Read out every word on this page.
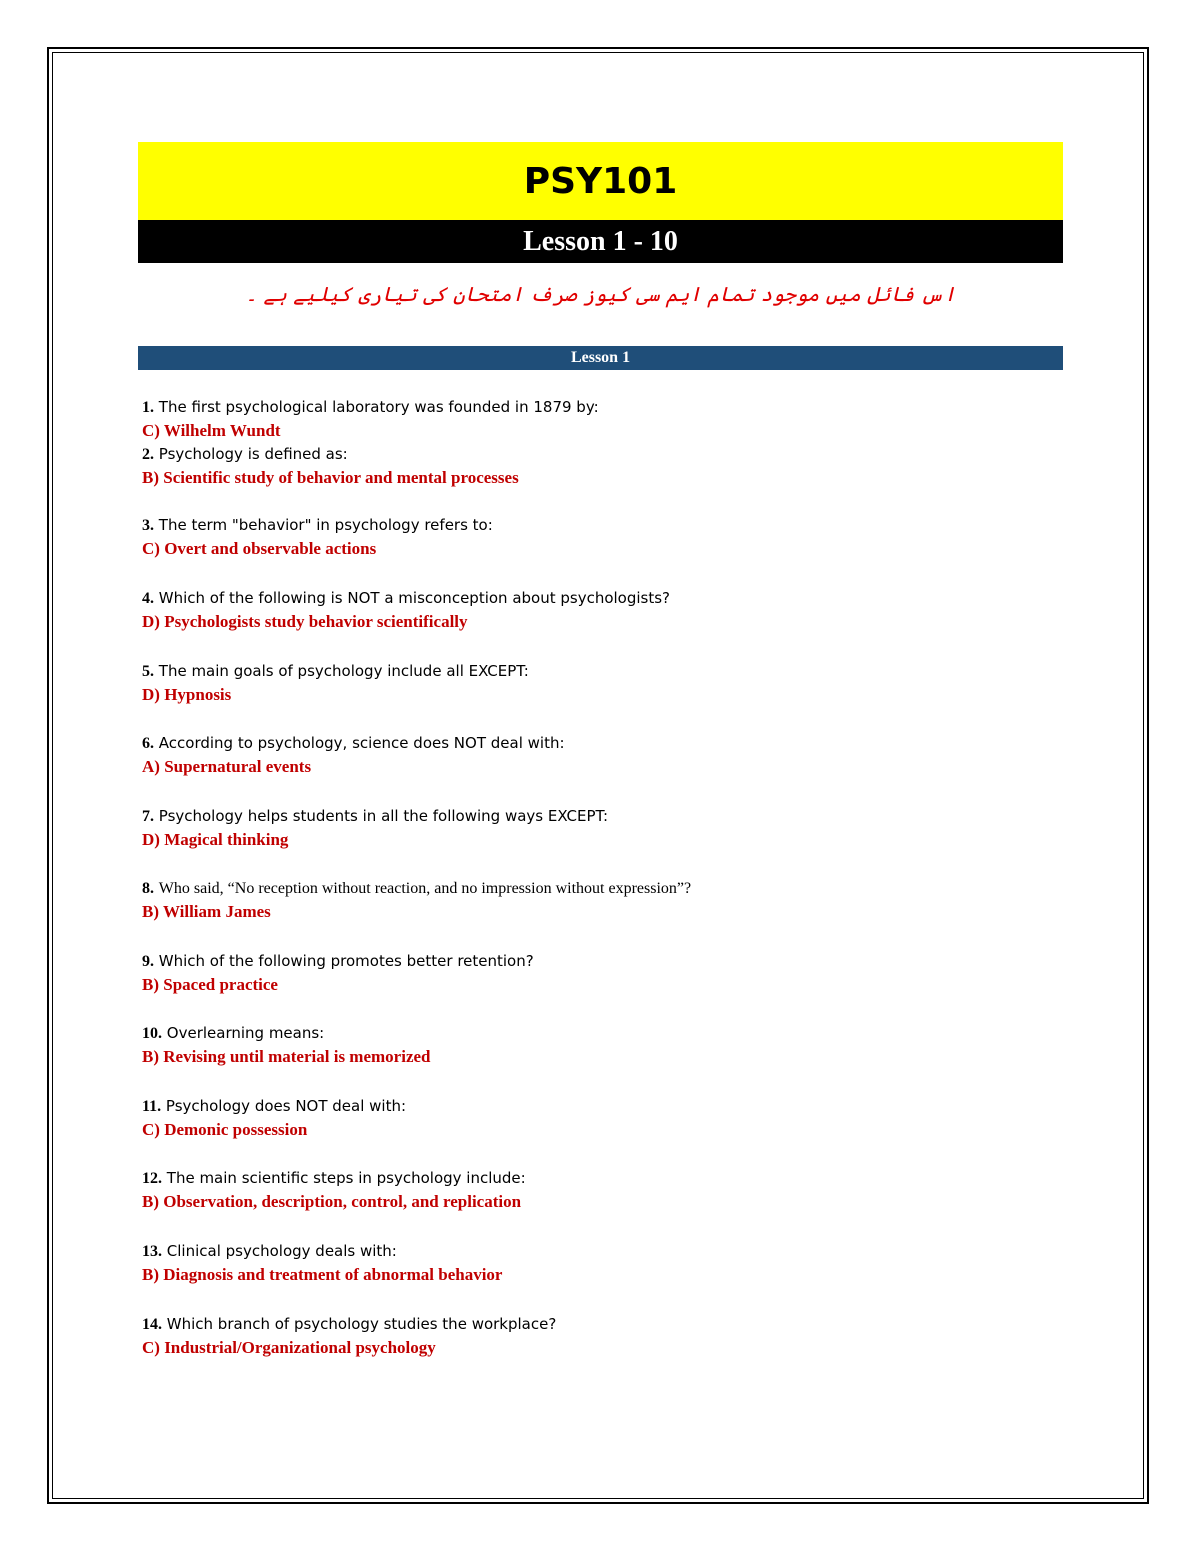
PSY101
Lesson 1 - 10
اس فائل میں موجود تمام ایم سی کیوز صرف امتحان کی تیاری کیلیے ہے ۔
Lesson 1
1. The first psychological laboratory was founded in 1879 by:
C) Wilhelm Wundt
2. Psychology is defined as:
B) Scientific study of behavior and mental processes
3. The term "behavior" in psychology refers to:
C) Overt and observable actions
4. Which of the following is NOT a misconception about psychologists?
D) Psychologists study behavior scientifically
5. The main goals of psychology include all EXCEPT:
D) Hypnosis
6. According to psychology, science does NOT deal with:
A) Supernatural events
7. Psychology helps students in all the following ways EXCEPT:
D) Magical thinking
8. Who said, “No reception without reaction, and no impression without expression”?
B) William James
9. Which of the following promotes better retention?
B) Spaced practice
10. Overlearning means:
B) Revising until material is memorized
11. Psychology does NOT deal with:
C) Demonic possession
12. The main scientific steps in psychology include:
B) Observation, description, control, and replication
13. Clinical psychology deals with:
B) Diagnosis and treatment of abnormal behavior
14. Which branch of psychology studies the workplace?
C) Industrial/Organizational psychology
